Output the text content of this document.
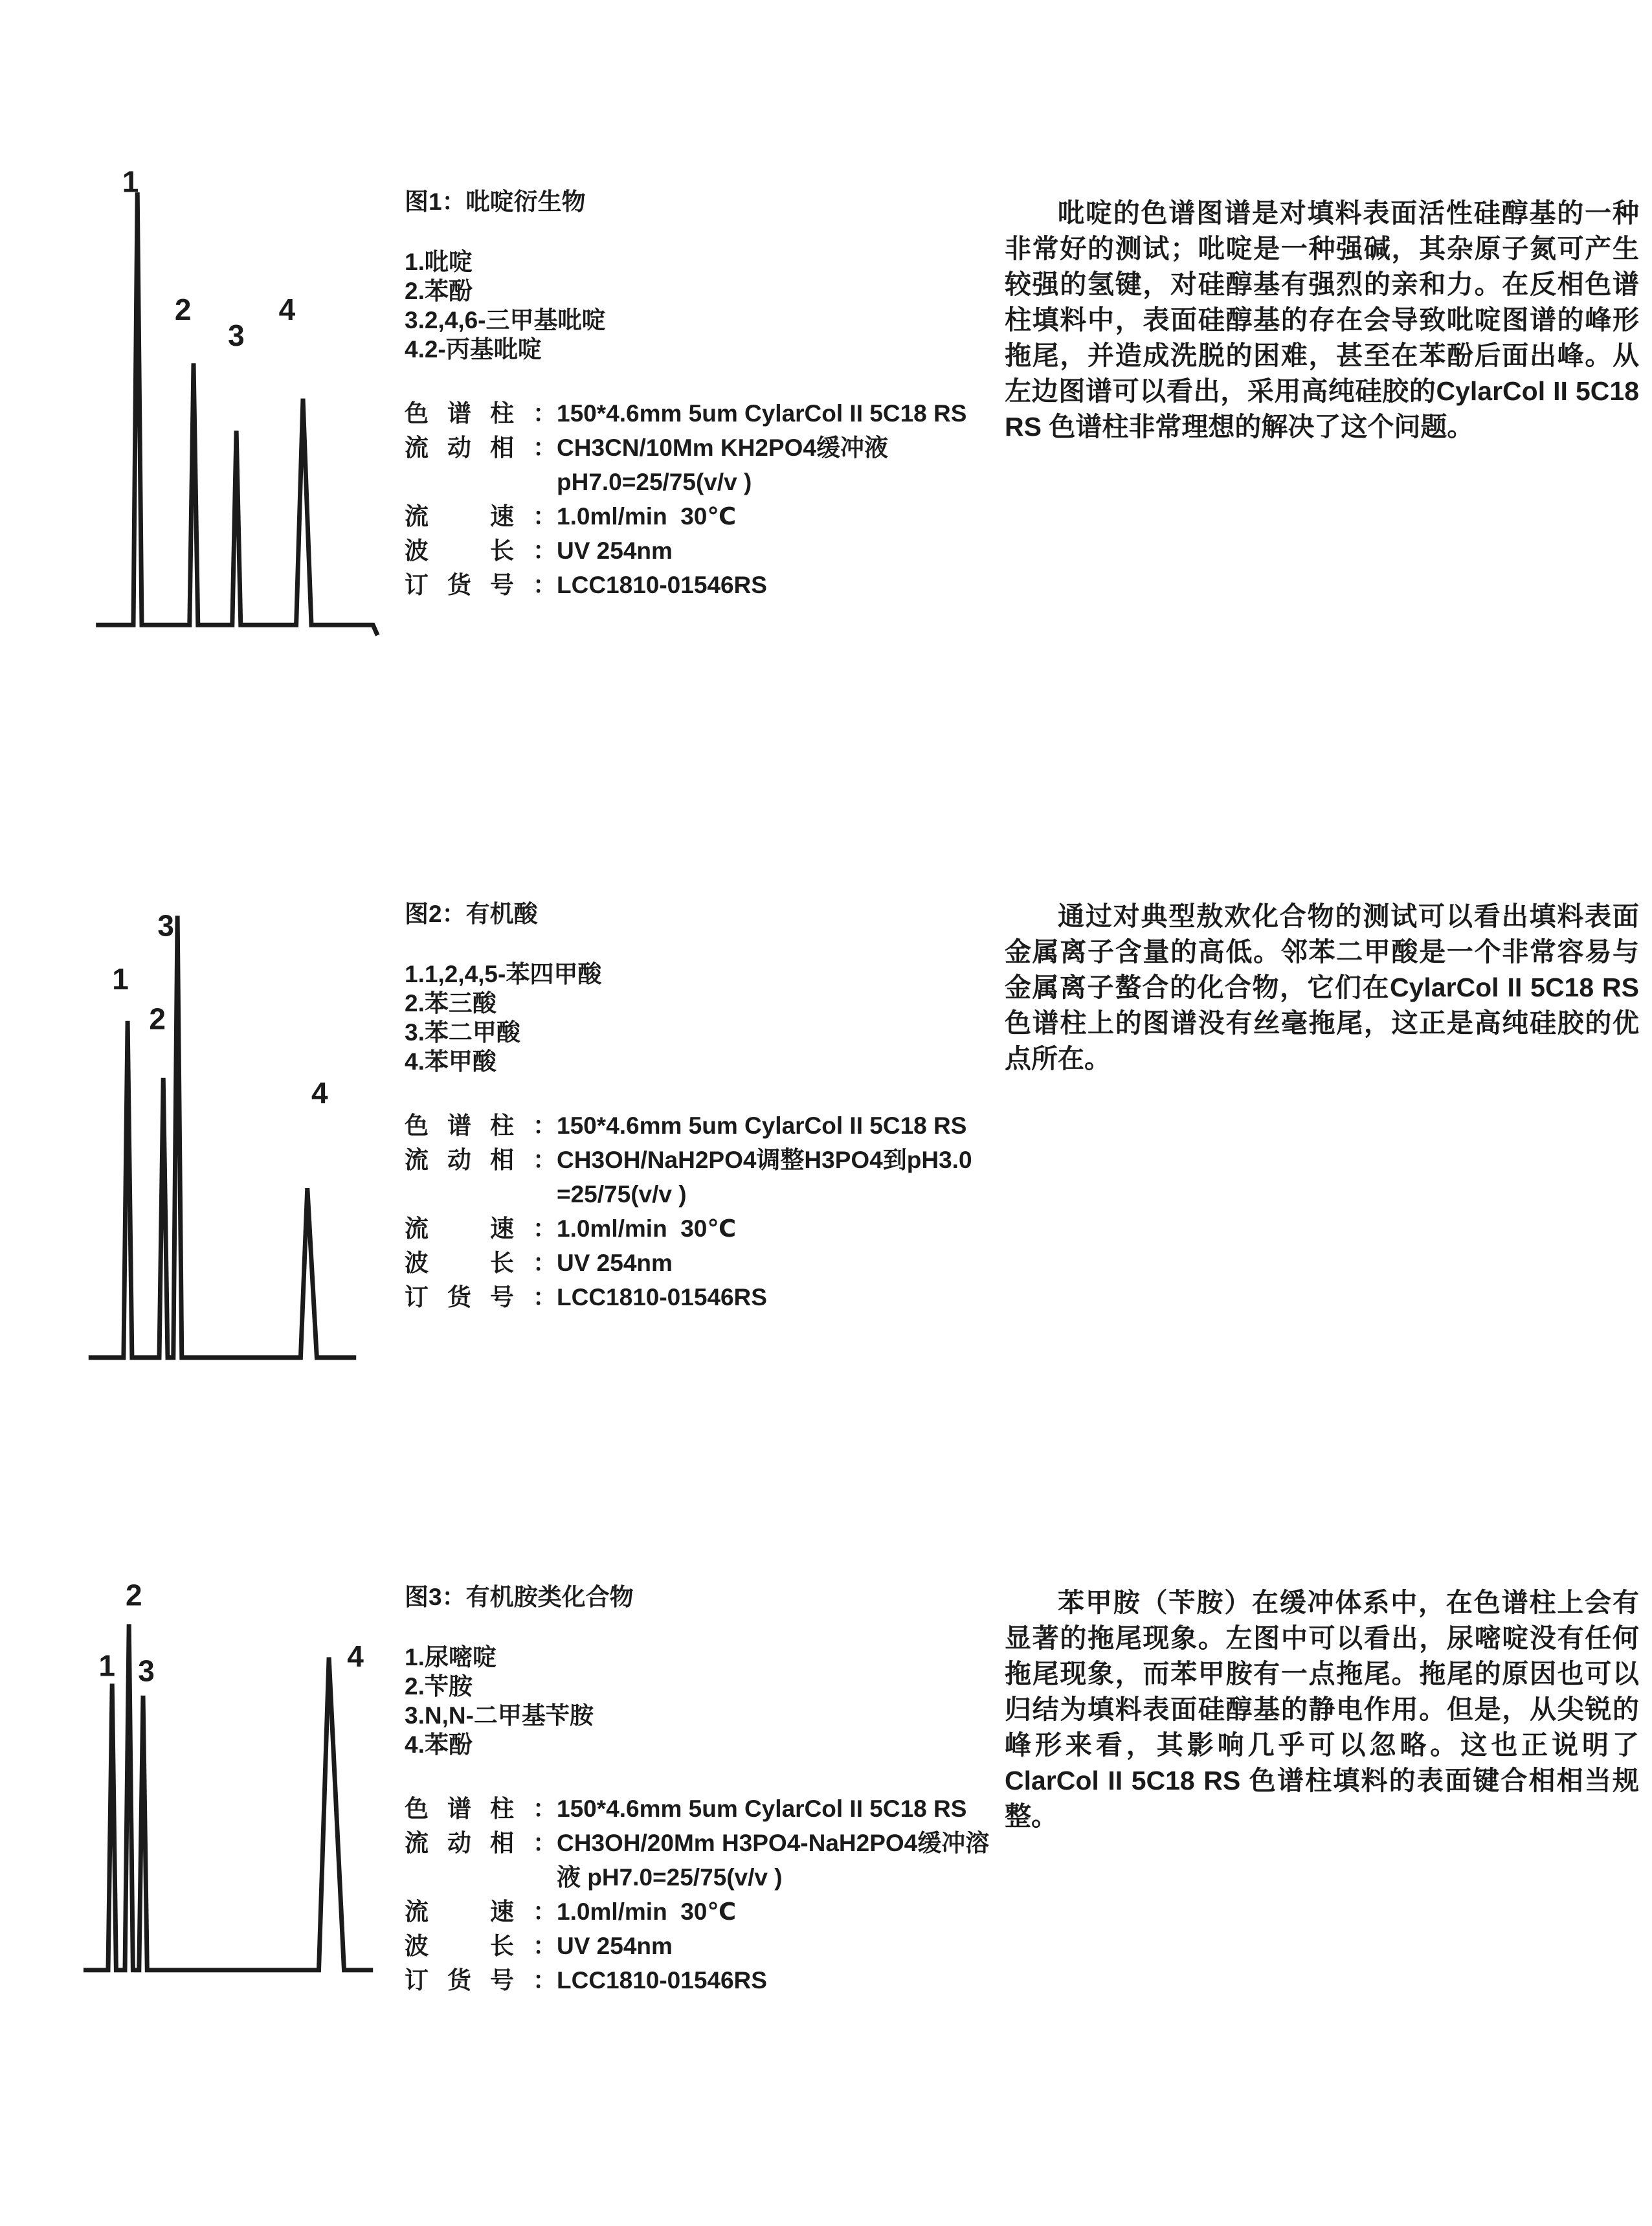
1
2
3
4
图1：吡啶衍生物
1.吡啶
2.苯酚
3.2,4,6-三甲基吡啶
4.2-丙基吡啶
色谱柱： 150*4.6mm 5um CylarCol II 5C18 RS
流动相： CH3CN/10Mm KH2PO4缓冲液
pH7.0=25/75(v/v )
流　速： 1.0ml/min  30℃
波　长： UV 254nm
订货号： LCC1810-01546RS
吡啶的色谱图谱是对填料表面活性硅醇基的一种非常好的测试；吡啶是一种强碱，其杂原子氮可产生较强的氢键，对硅醇基有强烈的亲和力。在反相色谱柱填料中，表面硅醇基的存在会导致吡啶图谱的峰形拖尾，并造成洗脱的困难，甚至在苯酚后面出峰。从左边图谱可以看出，采用高纯硅胶的CylarCol II 5C18 RS 色谱柱非常理想的解决了这个问题。
1
2
3
4
图2：有机酸
1.1,2,4,5-苯四甲酸
2.苯三酸
3.苯二甲酸
4.苯甲酸
色谱柱： 150*4.6mm 5um CylarCol II 5C18 RS
流动相： CH3OH/NaH2PO4调整H3PO4到pH3.0
=25/75(v/v )
流　速： 1.0ml/min  30℃
波　长： UV 254nm
订货号： LCC1810-01546RS
通过对典型敖欢化合物的测试可以看出填料表面金属离子含量的高低。邻苯二甲酸是一个非常容易与金属离子螯合的化合物，它们在CylarCol II 5C18 RS 色谱柱上的图谱没有丝毫拖尾，这正是高纯硅胶的优点所在。
1
2
3	4
图3：有机胺类化合物
1.尿嘧啶
2.苄胺
3.N,N-二甲基苄胺
4.苯酚
色谱柱： 150*4.6mm 5um CylarCol II 5C18 RS
流动相： CH3OH/20Mm H3PO4-NaH2PO4缓冲溶
液 pH7.0=25/75(v/v )
流　速： 1.0ml/min  30℃
波　长： UV 254nm
订货号： LCC1810-01546RS
苯甲胺（苄胺）在缓冲体系中，在色谱柱上会有显著的拖尾现象。左图中可以看出，尿嘧啶没有任何拖尾现象，而苯甲胺有一点拖尾。拖尾的原因也可以归结为填料表面硅醇基的静电作用。但是，从尖锐的峰形来看，其影响几乎可以忽略。这也正说明了ClarCol II 5C18 RS 色谱柱填料的表面键合相相当规整。
